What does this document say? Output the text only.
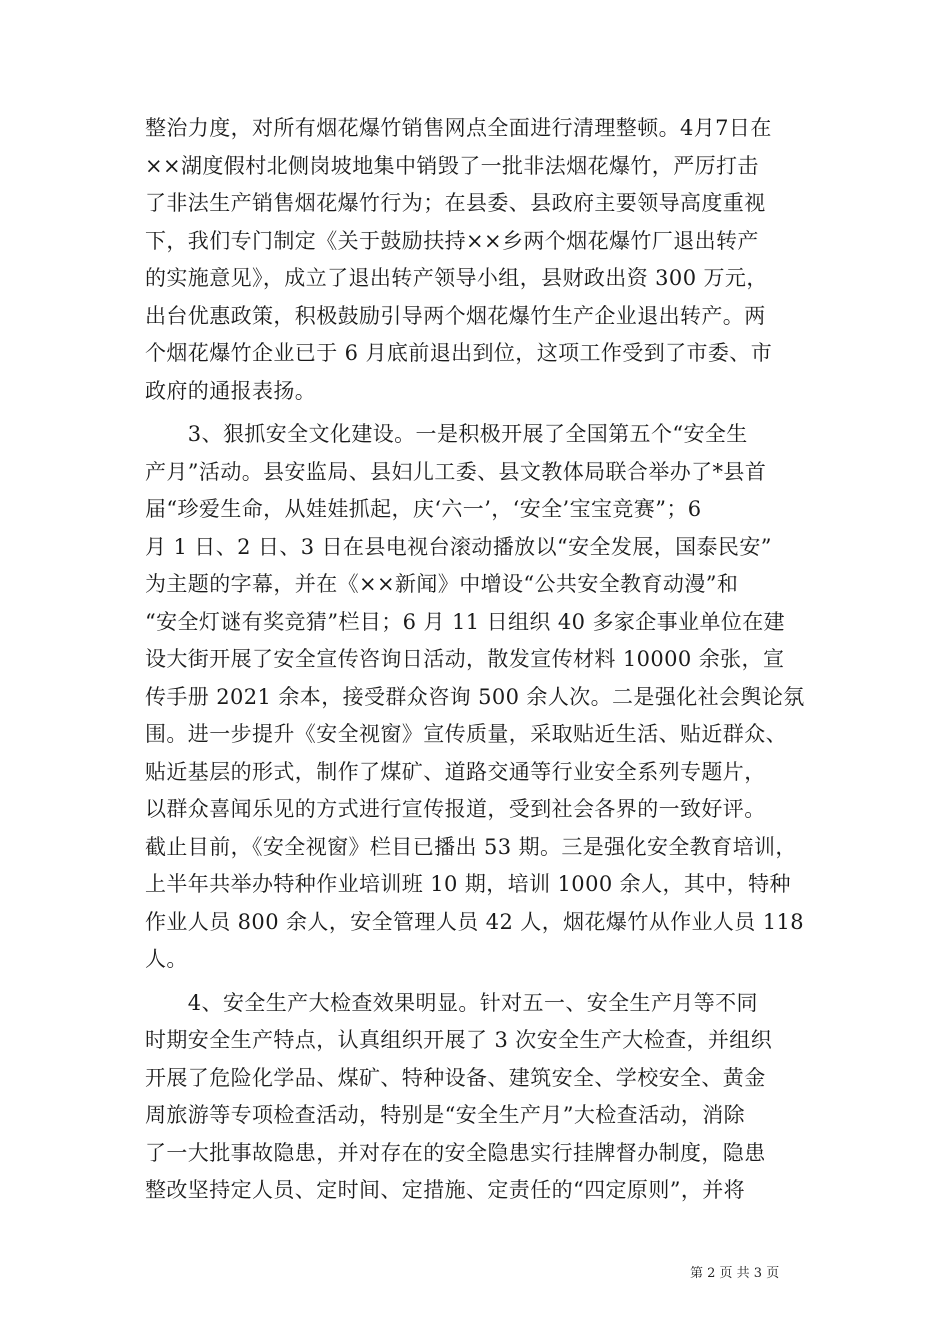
整治力度，对所有烟花爆竹销售网点全面进行清理整顿。4月7日在
××湖度假村北侧岗坡地集中销毁了一批非法烟花爆竹，严厉打击
了非法生产销售烟花爆竹行为；在县委、县政府主要领导高度重视
下，我们专门制定《关于鼓励扶持××乡两个烟花爆竹厂退出转产
的实施意见》，成立了退出转产领导小组，县财政出资 300 万元，
出台优惠政策，积极鼓励引导两个烟花爆竹生产企业退出转产。两
个烟花爆竹企业已于 6 月底前退出到位，这项工作受到了市委、市
政府的通报表扬。
　　3、狠抓安全文化建设。一是积极开展了全国第五个“安全生
产月”活动。县安监局、县妇儿工委、县文教体局联合举办了*县首
届“珍爱生命，从娃娃抓起，庆‘六一’，‘安全’宝宝竞赛”；6
月 1 日、2 日、3 日在县电视台滚动播放以“安全发展，国泰民安”
为主题的字幕，并在《××新闻》中增设“公共安全教育动漫”和
“安全灯谜有奖竞猜”栏目；6 月 11 日组织 40 多家企事业单位在建
设大街开展了安全宣传咨询日活动，散发宣传材料 10000 余张，宣
传手册 2021 余本，接受群众咨询 500 余人次。二是强化社会舆论氛
围。进一步提升《安全视窗》宣传质量，采取贴近生活、贴近群众、
贴近基层的形式，制作了煤矿、道路交通等行业安全系列专题片，
以群众喜闻乐见的方式进行宣传报道，受到社会各界的一致好评。
截止目前，《安全视窗》栏目已播出 53 期。三是强化安全教育培训，
上半年共举办特种作业培训班 10 期，培训 1000 余人，其中，特种
作业人员 800 余人，安全管理人员 42 人，烟花爆竹从作业人员 118
人。
　　4、安全生产大检查效果明显。针对五一、安全生产月等不同
时期安全生产特点，认真组织开展了 3 次安全生产大检查，并组织
开展了危险化学品、煤矿、特种设备、建筑安全、学校安全、黄金
周旅游等专项检查活动，特别是“安全生产月”大检查活动，消除
了一大批事故隐患，并对存在的安全隐患实行挂牌督办制度，隐患
整改坚持定人员、定时间、定措施、定责任的“四定原则”，并将
第 2 页 共 3 页
